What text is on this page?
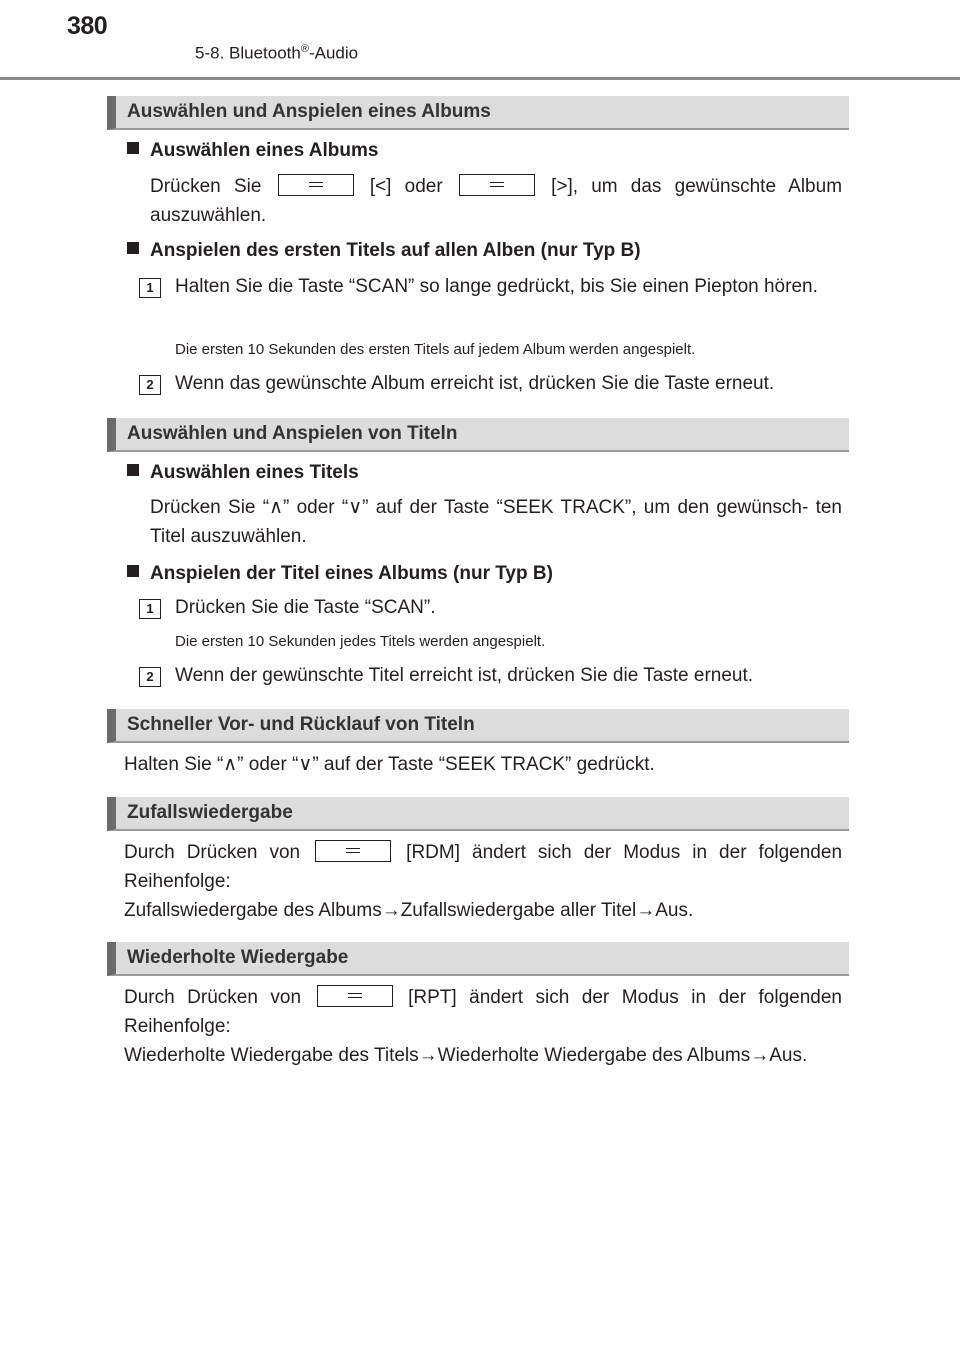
380
5-8. Bluetooth®-Audio
Auswählen und Anspielen eines Albums
Auswählen eines Albums
Drücken Sie	[<] oder	[>], um das gewünschte Album auszuwählen.
Anspielen des ersten Titels auf allen Alben (nur Typ B)
1	Halten Sie die Taste “SCAN” so lange gedrückt, bis Sie einen Piepton hören.
Die ersten 10 Sekunden des ersten Titels auf jedem Album werden angespielt.
2	Wenn das gewünschte Album erreicht ist, drücken Sie die Taste erneut.
Auswählen und Anspielen von Titeln
Auswählen eines Titels
Drücken Sie “∧” oder “∨” auf der Taste “SEEK TRACK”, um den gewünsch- ten Titel auszuwählen.
Anspielen der Titel eines Albums (nur Typ B)
1	Drücken Sie die Taste “SCAN”.
Die ersten 10 Sekunden jedes Titels werden angespielt.
2	Wenn der gewünschte Titel erreicht ist, drücken Sie die Taste erneut.
Schneller Vor- und Rücklauf von Titeln
Halten Sie “∧” oder “∨” auf der Taste “SEEK TRACK” gedrückt.
Zufallswiedergabe
Durch Drücken von	[RDM] ändert sich der Modus in der folgenden Reihenfolge:
Zufallswiedergabe des Albums→Zufallswiedergabe aller Titel→Aus.
Wiederholte Wiedergabe
Durch Drücken von	[RPT] ändert sich der Modus in der folgenden Reihenfolge:
Wiederholte Wiedergabe des Titels→Wiederholte Wiedergabe des Albums→Aus.
